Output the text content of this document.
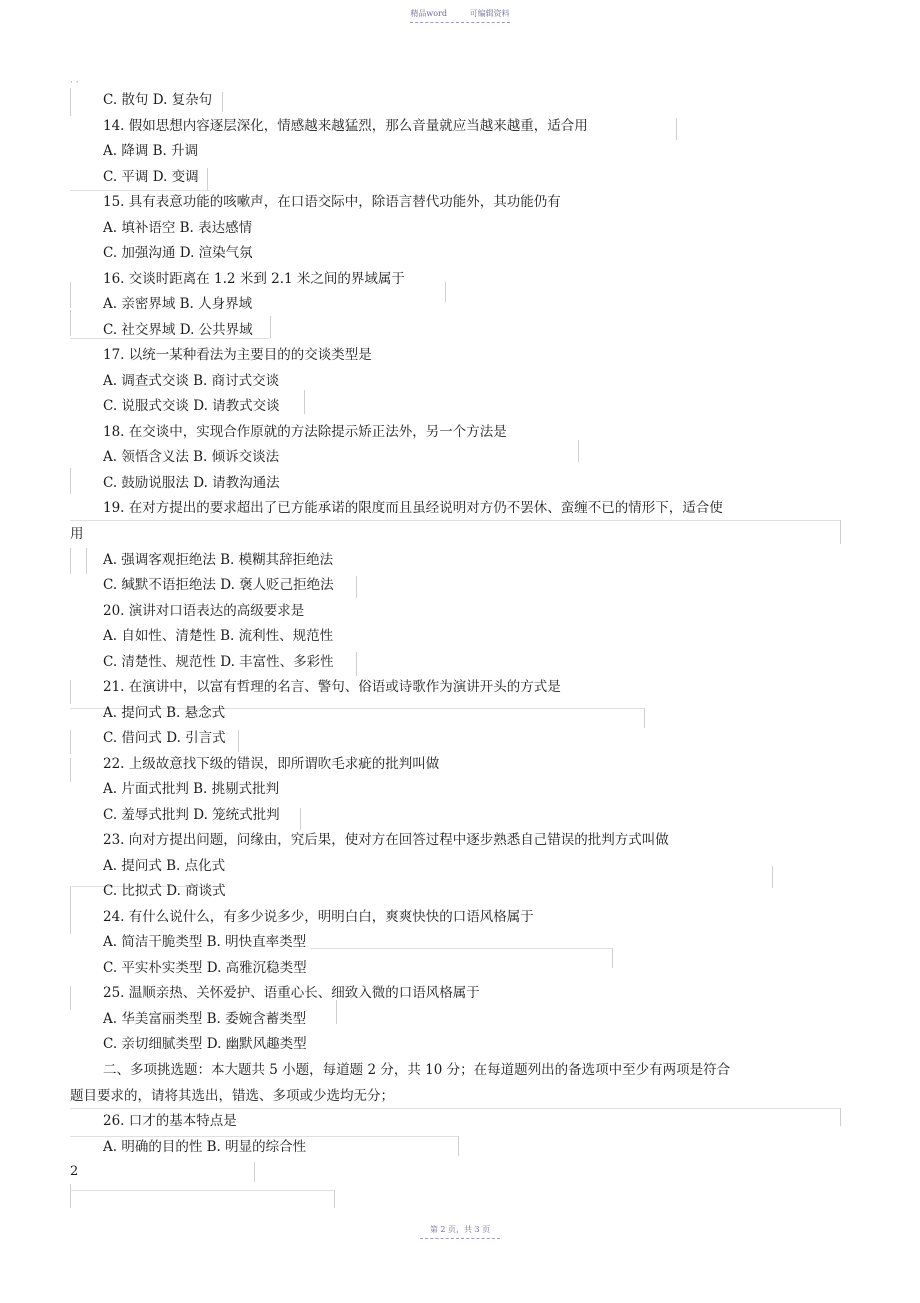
精品word	可编辑资料
· ·
C. 散句 D. 复杂句
14. 假如思想内容逐层深化，情感越来越猛烈，那么音量就应当越来越重，适合用
A. 降调 B. 升调
C. 平调 D. 变调
15. 具有表意功能的咳嗽声，在口语交际中，除语言替代功能外，其功能仍有
A. 填补语空 B. 表达感情
C. 加强沟通 D. 渲染气氛
16. 交谈时距离在 1.2 米到 2.1 米之间的界域属于
A. 亲密界域 B. 人身界域
C. 社交界域 D. 公共界域
17. 以统一某种看法为主要目的的交谈类型是
A. 调查式交谈 B. 商讨式交谈
C. 说服式交谈 D. 请教式交谈
18. 在交谈中，实现合作原就的方法除提示矫正法外，另一个方法是
A. 领悟含义法 B. 倾诉交谈法
C. 鼓励说服法 D. 请教沟通法
19. 在对方提出的要求超出了已方能承诺的限度而且虽经说明对方仍不罢休、蛮缠不已的情形下，适合使
用
A. 强调客观拒绝法 B. 模糊其辞拒绝法
C. 缄默不语拒绝法 D. 褒人贬己拒绝法
20. 演讲对口语表达的高级要求是
A. 自如性、清楚性 B. 流利性、规范性
C. 清楚性、规范性 D. 丰富性、多彩性
21. 在演讲中，以富有哲理的名言、警句、俗语或诗歌作为演讲开头的方式是
A. 提问式 B. 悬念式
C. 借问式 D. 引言式
22. 上级故意找下级的错误，即所谓吹毛求疵的批判叫做
A. 片面式批判 B. 挑剔式批判
C. 羞辱式批判 D. 笼统式批判
23. 向对方提出问题，问缘由，究后果，使对方在回答过程中逐步熟悉自己错误的批判方式叫做
A. 提问式 B. 点化式
C. 比拟式 D. 商谈式
24. 有什么说什么，有多少说多少，明明白白，爽爽快快的口语风格属于
A. 简洁干脆类型 B. 明快直率类型
C. 平实朴实类型 D. 高雅沉稳类型
25. 温顺亲热、关怀爱护、语重心长、细致入微的口语风格属于
A. 华美富丽类型 B. 委婉含蓄类型
C. 亲切细腻类型 D. 幽默风趣类型
二、多项挑选题：本大题共 5 小题，每道题 2 分，共 10 分；在每道题列出的备选项中至少有两项是符合
题目要求的，请将其选出，错选、多项或少选均无分；
26. 口才的基本特点是
A. 明确的目的性 B. 明显的综合性
2
第 2 页，共 3 页
